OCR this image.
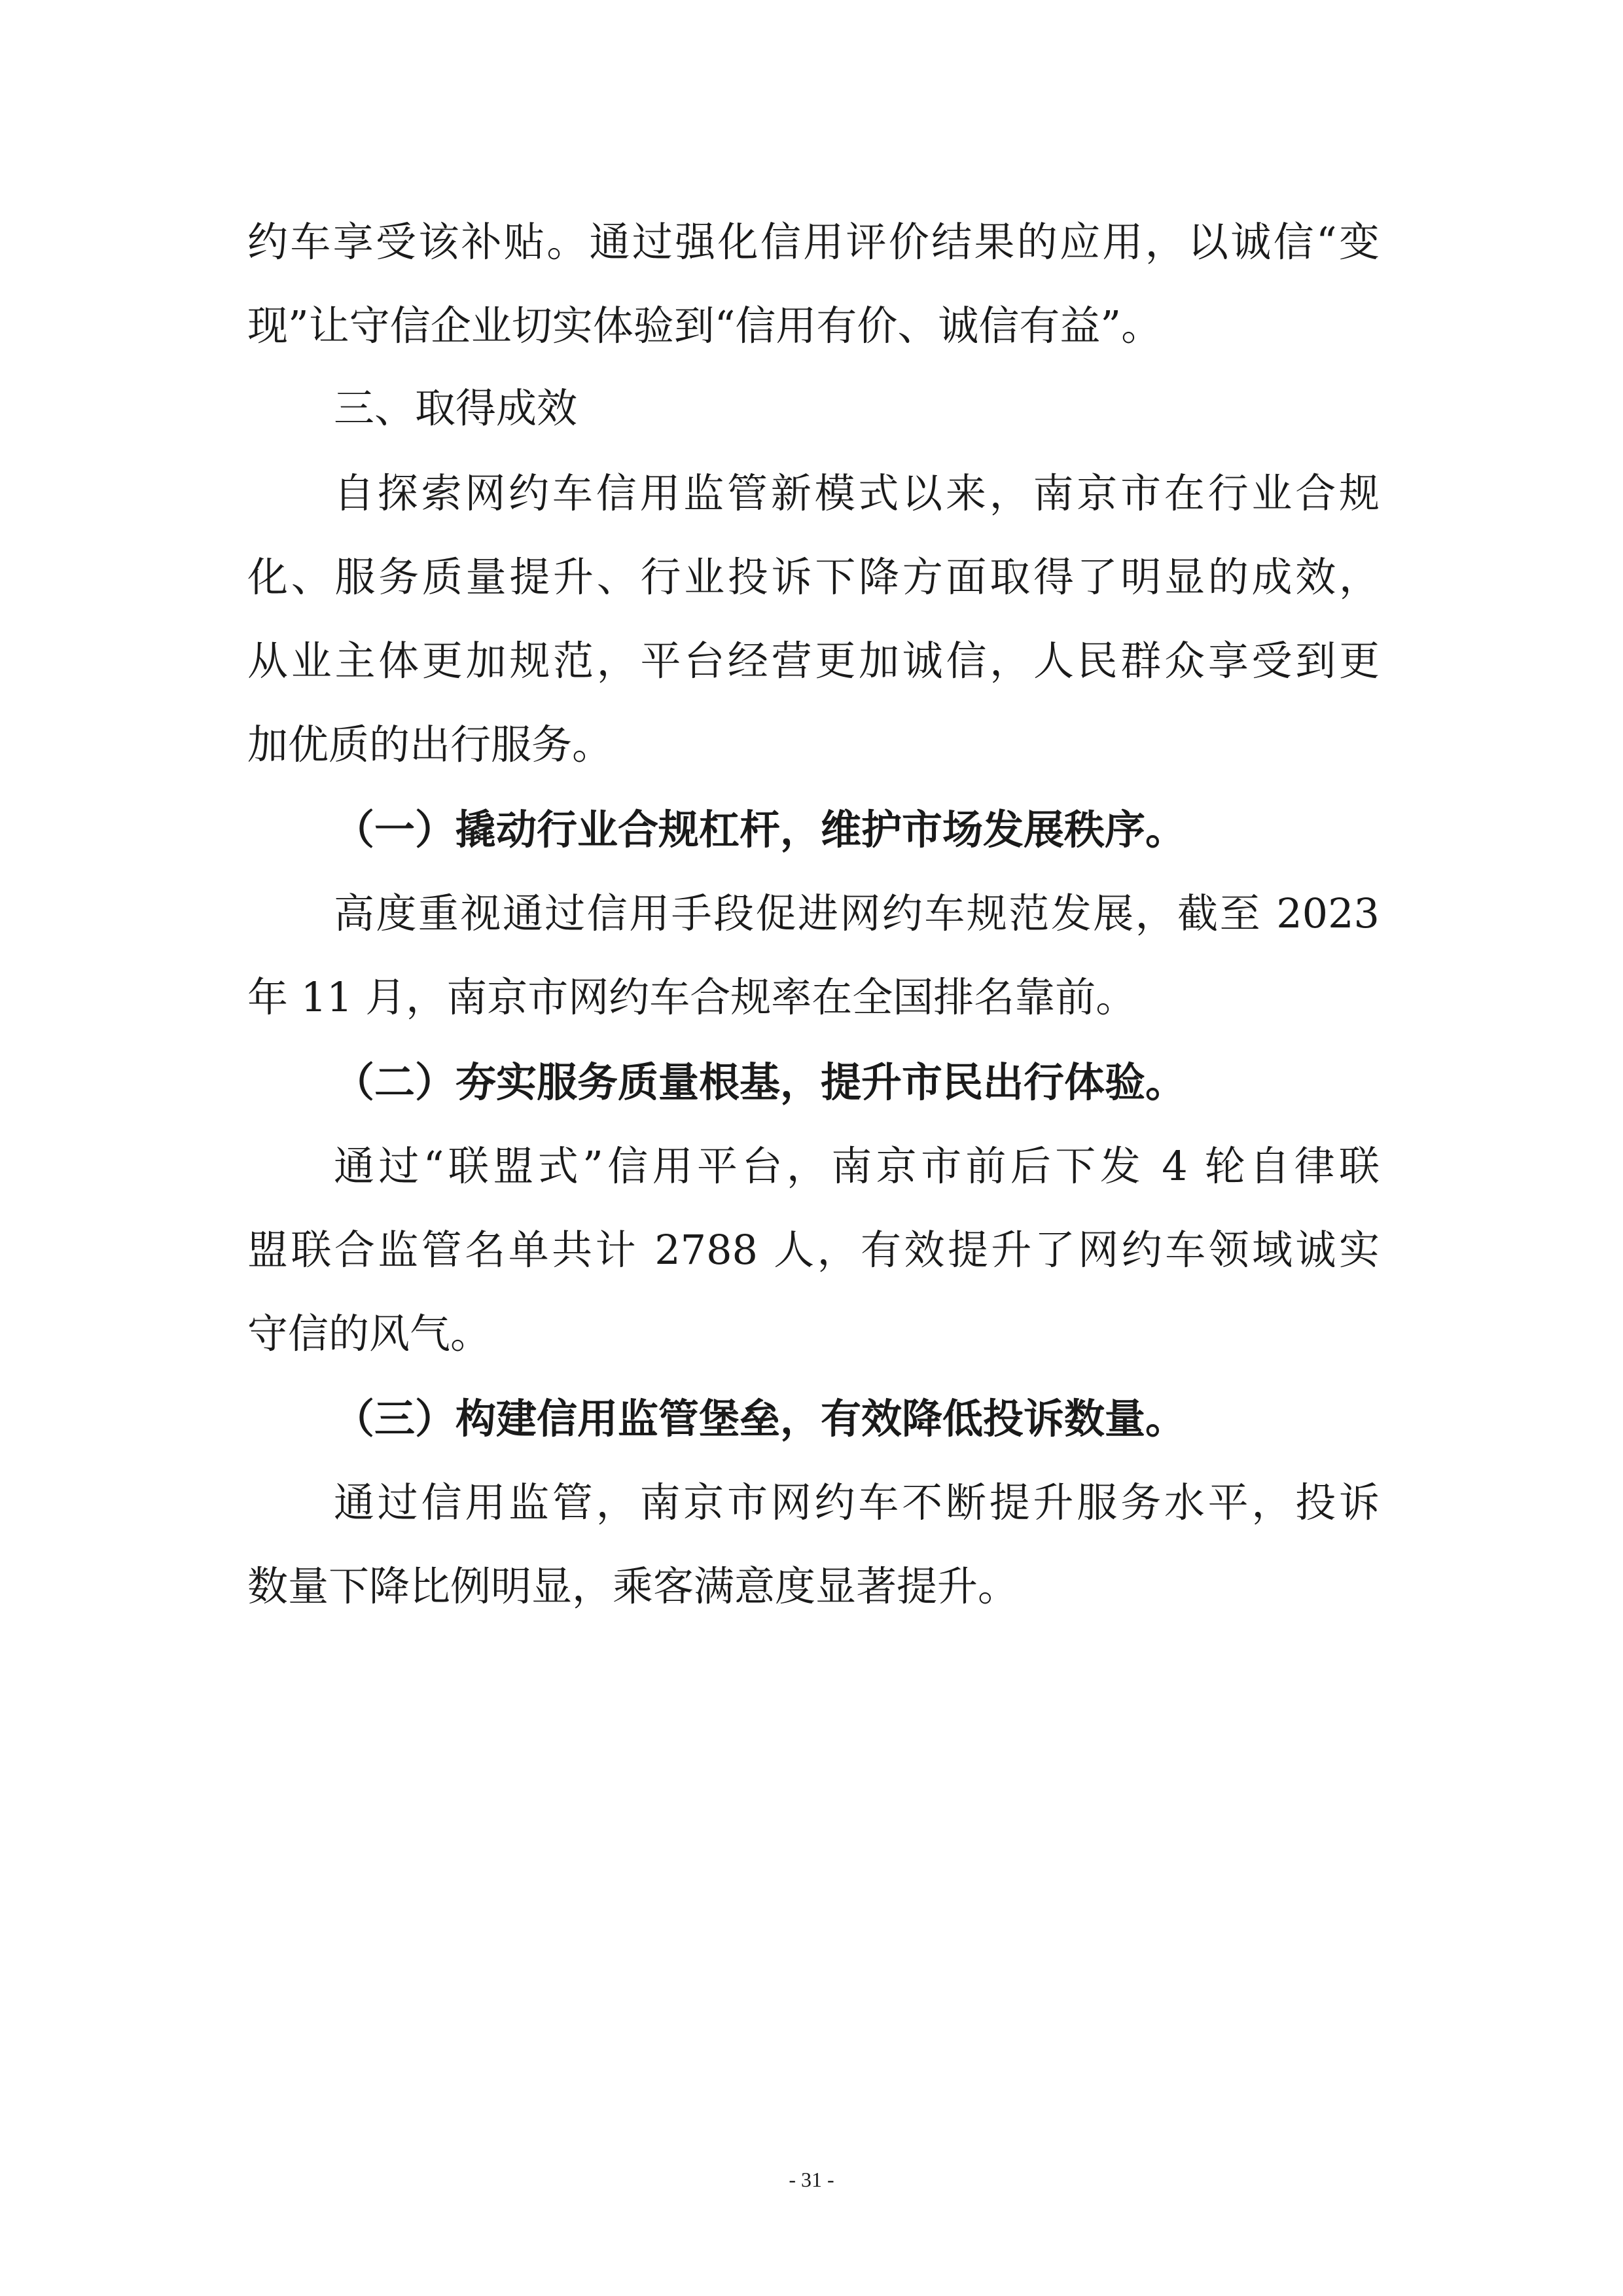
约车享受该补贴。通过强化信用评价结果的应用，以诚信“变
现”让守信企业切实体验到“信用有价、诚信有益”。
三、取得成效
自探索网约车信用监管新模式以来，南京市在行业合规
化、服务质量提升、行业投诉下降方面取得了明显的成效，
从业主体更加规范，平台经营更加诚信，人民群众享受到更
加优质的出行服务。
（一）撬动行业合规杠杆，维护市场发展秩序。
高度重视通过信用手段促进网约车规范发展，截至 2023
年 11 月，南京市网约车合规率在全国排名靠前。
（二）夯实服务质量根基，提升市民出行体验。
通过“联盟式”信用平台，南京市前后下发 4 轮自律联
盟联合监管名单共计 2788 人，有效提升了网约车领域诚实
守信的风气。
（三）构建信用监管堡垒，有效降低投诉数量。
通过信用监管，南京市网约车不断提升服务水平，投诉
数量下降比例明显，乘客满意度显著提升。
- 31 -
